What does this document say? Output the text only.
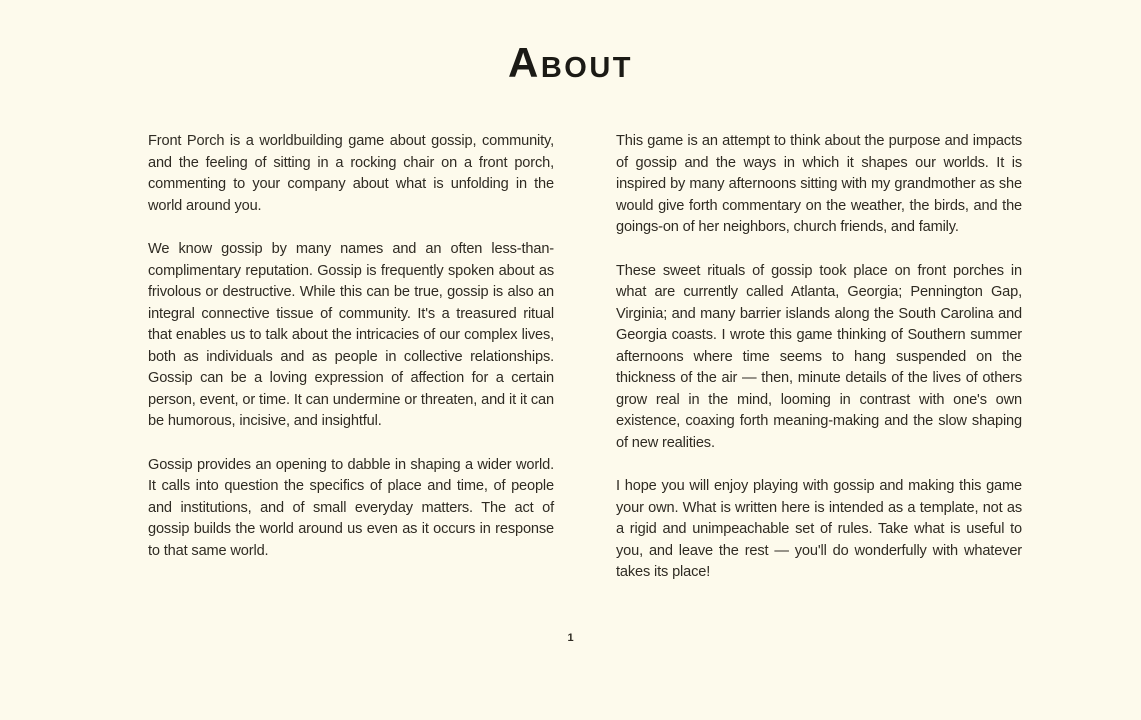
ABOUT

Front Porch is a worldbuilding game about gossip, community, and the feeling of sitting in a rocking chair on a front porch, commenting to your company about what is unfolding in the world around you.

We know gossip by many names and an often less-than-complimentary reputation. Gossip is frequently spoken about as frivolous or destructive. While this can be true, gossip is also an integral connective tissue of community. It's a treasured ritual that enables us to talk about the intricacies of our complex lives, both as individuals and as people in collective relationships. Gossip can be a loving expression of affection for a certain person, event, or time. It can undermine or threaten, and it it can be humorous, incisive, and insightful.

Gossip provides an opening to dabble in shaping a wider world. It calls into question the specifics of place and time, of people and institutions, and of small everyday matters. The act of gossip builds the world around us even as it occurs in response to that same world.

This game is an attempt to think about the purpose and impacts of gossip and the ways in which it shapes our worlds. It is inspired by many afternoons sitting with my grandmother as she would give forth commentary on the weather, the birds, and the goings-on of her neighbors, church friends, and family.

These sweet rituals of gossip took place on front porches in what are currently called Atlanta, Georgia; Pennington Gap, Virginia; and many barrier islands along the South Carolina and Georgia coasts. I wrote this game thinking of Southern summer afternoons where time seems to hang suspended on the thickness of the air — then, minute details of the lives of others grow real in the mind, looming in contrast with one's own existence, coaxing forth meaning-making and the slow shaping of new realities.

I hope you will enjoy playing with gossip and making this game your own. What is written here is intended as a template, not as a rigid and unimpeachable set of rules. Take what is useful to you, and leave the rest — you'll do wonderfully with whatever takes its place!

1
